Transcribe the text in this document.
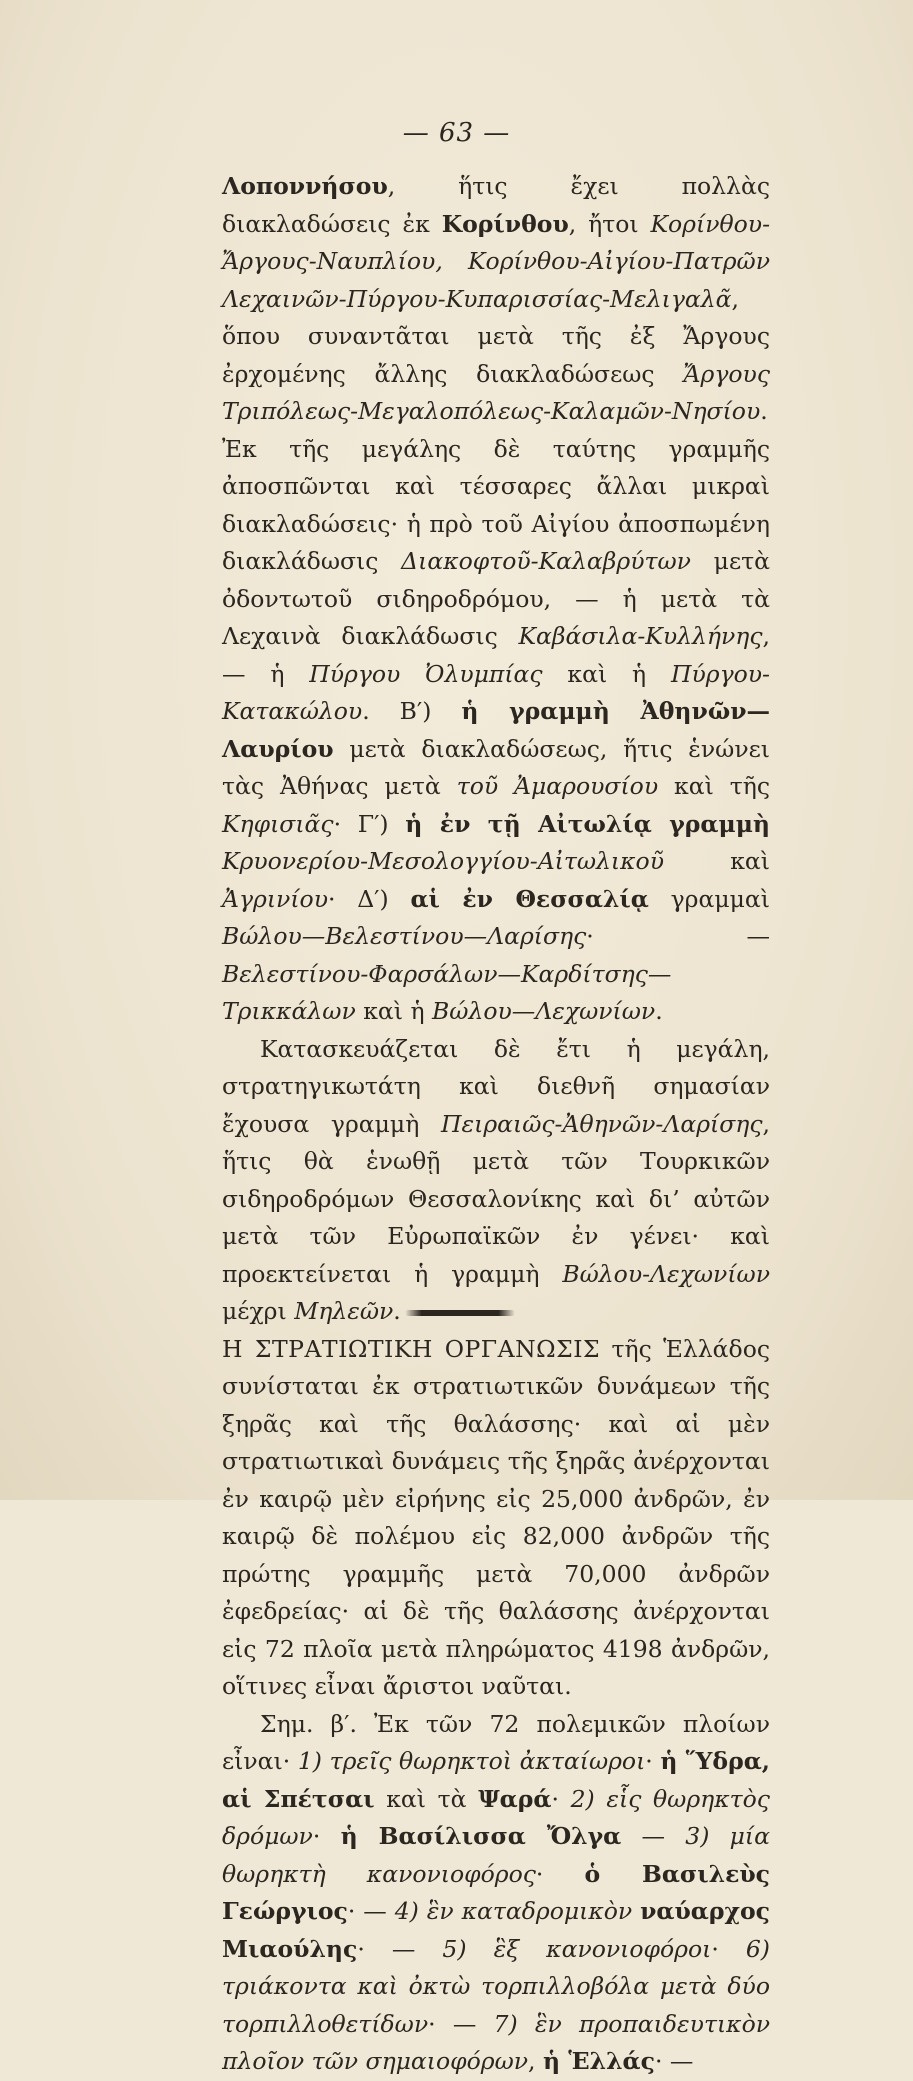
— 63 —

Λοποννήσου, ἥτις ἔχει πολλὰς διακλαδώσεις ἐκ Κορίνθου, ἤτοι Κορίνθου-Ἄργους-Ναυπλίου, Κορίνθου-Αἰγίου-Πατρῶν Λεχαινῶν-Πύργου-Κυπαρισσίας-Μελιγαλᾶ, ὅπου συναντᾶται μετὰ τῆς ἐξ Ἄργους ἐρχομένης ἄλλης διακλαδώσεως Ἄργους Τριπόλεως-Μεγαλοπόλεως-Καλαμῶν-Νησίου. Ἐκ τῆς μεγάλης δὲ ταύτης γραμμῆς ἀποσπῶνται καὶ τέσσαρες ἄλλαι μικραὶ διακλαδώσεις· ἡ πρὸ τοῦ Αἰγίου ἀποσπωμένη διακλάδωσις Διακοφτοῦ-Καλαβρύτων μετὰ ὀδοντωτοῦ σιδηροδρόμου, — ἡ μετὰ τὰ Λεχαινὰ διακλάδωσις Καβάσιλα-Κυλλήνης, — ἡ Πύργου Ὀλυμπίας καὶ ἡ Πύργου-Κατακώλου. Β′) ἡ γραμμὴ Ἀθηνῶν—Λαυρίου μετὰ διακλαδώσεως, ἥτις ἑνώνει τὰς Ἀθήνας μετὰ τοῦ Ἀμαρουσίου καὶ τῆς Κηφισιᾶς· Γ′) ἡ ἐν τῇ Αἰτωλίᾳ γραμμὴ Κρυονερίου-Μεσολογγίου-Αἰτωλικοῦ καὶ Ἀγρινίου· Δ′) αἱ ἐν Θεσσαλίᾳ γραμμαὶ Βώλου—Βελεστίνου—Λαρίσης· — Βελεστίνου-Φαρσάλων—Καρδίτσης—Τρικκάλων καὶ ἡ Βώλου—Λεχωνίων.

Κατασκευάζεται δὲ ἔτι ἡ μεγάλη, στρατηγικωτάτη καὶ διεθνῆ σημασίαν ἔχουσα γραμμὴ Πειραιῶς-Ἀθηνῶν-Λαρίσης, ἥτις θὰ ἑνωθῇ μετὰ τῶν Τουρκικῶν σιδηροδρόμων Θεσσαλονίκης καὶ δι’ αὐτῶν μετὰ τῶν Εὐρωπαϊκῶν ἐν γένει· καὶ προεκτείνεται ἡ γραμμὴ Βώλου-Λεχωνίων μέχρι Μηλεῶν.

Η ΣΤΡΑΤΙΩΤΙΚΗ ΟΡΓΑΝΩΣΙΣ τῆς Ἑλλάδος συνίσταται ἐκ στρατιωτικῶν δυνάμεων τῆς ξηρᾶς καὶ τῆς θαλάσσης· καὶ αἱ μὲν στρατιωτικαὶ δυνάμεις τῆς ξηρᾶς ἀνέρχονται ἐν καιρῷ μὲν εἰρήνης εἰς 25,000 ἀνδρῶν, ἐν καιρῷ δὲ πολέμου εἰς 82,000 ἀνδρῶν τῆς πρώτης γραμμῆς μετὰ 70,000 ἀνδρῶν ἐφεδρείας· αἱ δὲ τῆς θαλάσσης ἀνέρχονται εἰς 72 πλοῖα μετὰ πληρώματος 4198 ἀνδρῶν, οἵτινες εἶναι ἄριστοι ναῦται.

Σημ. β′. Ἐκ τῶν 72 πολεμικῶν πλοίων εἶναι· 1) τρεῖς θωρηκτοὶ ἀκταίωροι· ἡ Ὕδρα, αἱ Σπέτσαι καὶ τὰ Ψαρά· 2) εἷς θωρηκτὸς δρόμων· ἡ Βασίλισσα Ὄλγα — 3) μία θωρηκτὴ κανονιοφόρος· ὁ Βασιλεὺς Γεώργιος· — 4) ἓν καταδρομικὸν ναύαρχος Μιαούλης· — 5) ἓξ κανονιοφόροι· 6) τριάκοντα καὶ ὀκτὼ τορπιλλοβόλα μετὰ δύο τορπιλλοθετίδων· — 7) ἓν προπαιδευτικὸν πλοῖον τῶν σημαιοφόρων, ἡ Ἑλλάς· —
